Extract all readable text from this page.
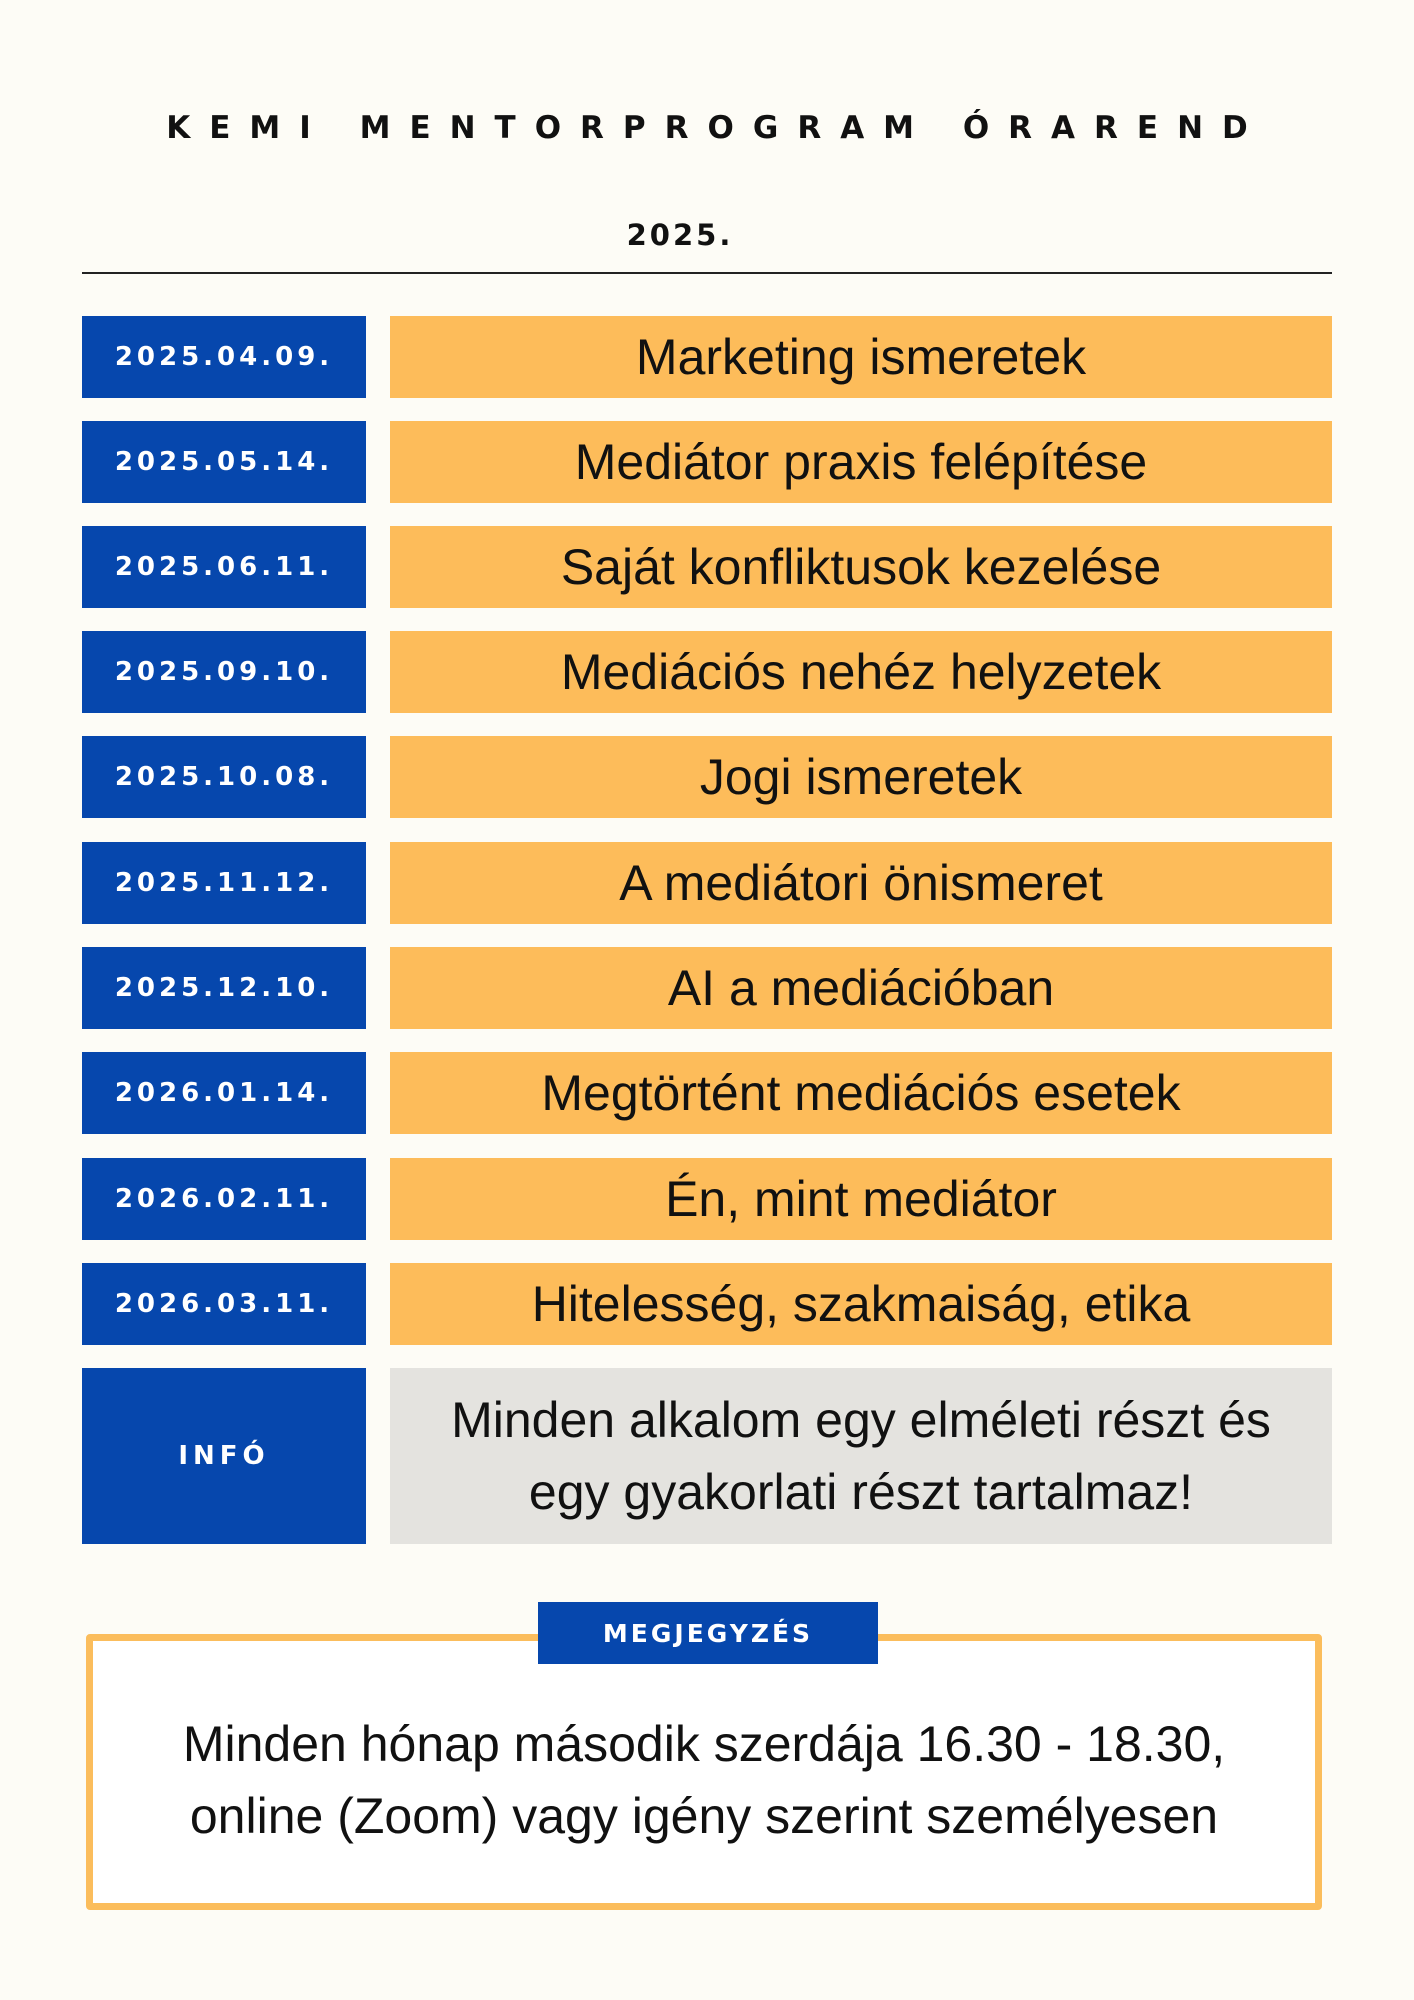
KEMI MENTORPROGRAM ÓRAREND
2025.
2025.04.09.	Marketing ismeretek
2025.05.14.	Mediátor praxis felépítése
2025.06.11.	Saját konfliktusok kezelése
2025.09.10.	Mediációs nehéz helyzetek
2025.10.08.	Jogi ismeretek
2025.11.12.	A mediátori önismeret
2025.12.10.	AI a mediációban
2026.01.14.	Megtörtént mediációs esetek
2026.02.11.	Én, mint mediátor
2026.03.11.	Hitelesség, szakmaiság, etika
INFÓ
Minden alkalom egy elméleti részt és
egy gyakorlati részt tartalmaz!
MEGJEGYZÉS
Minden hónap második szerdája 16.30 - 18.30,
online (Zoom) vagy igény szerint személyesen
